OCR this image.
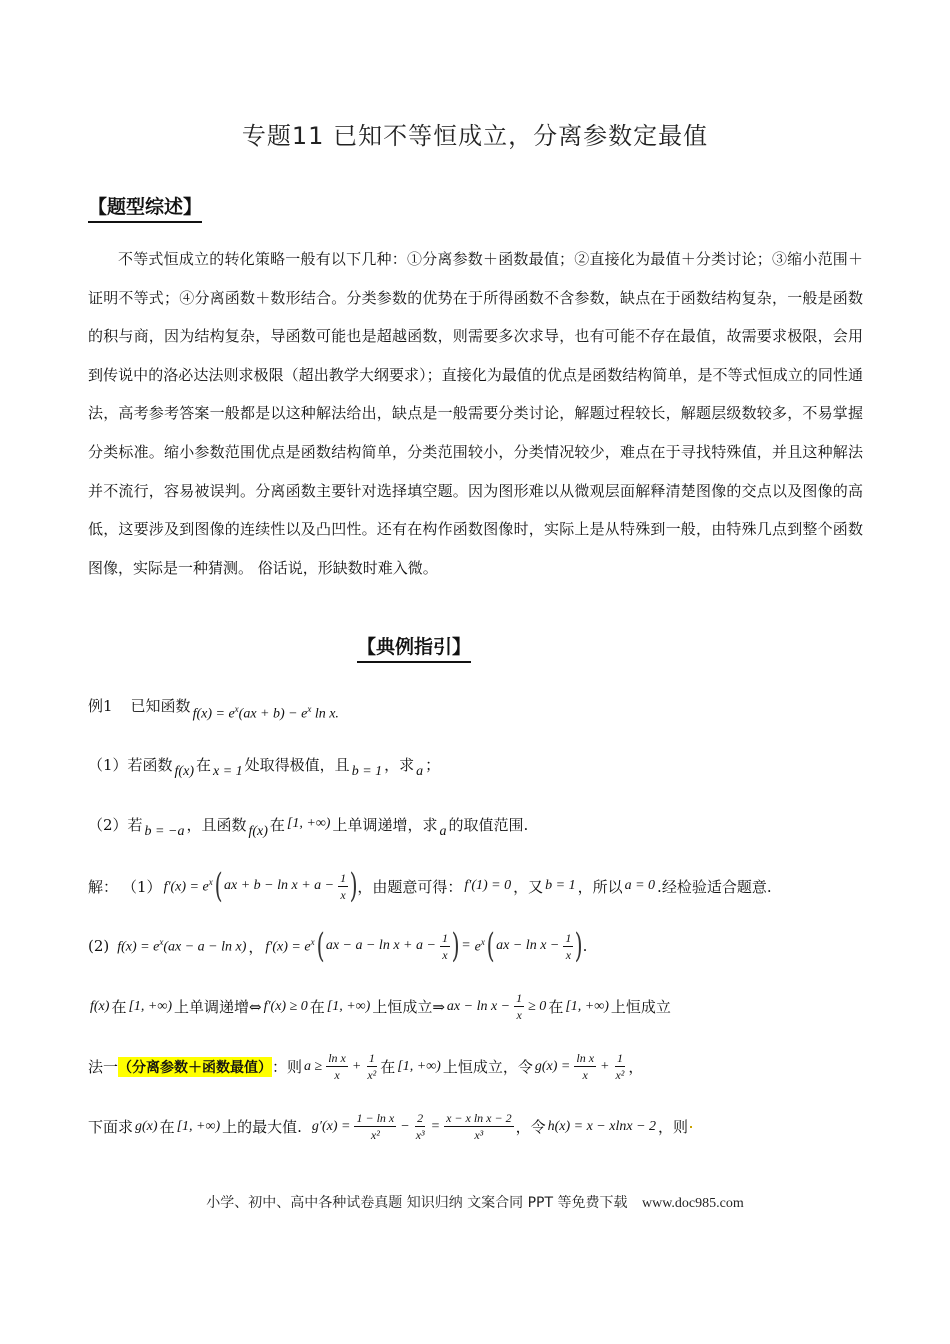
专题11 已知不等恒成立，分离参数定最值
【题型综述】

不等式恒成立的转化策略一般有以下几种：①分离参数＋函数最值；②直接化为最值＋分类讨论；③缩小范围＋证明不等式；④分离函数＋数形结合。分类参数的优势在于所得函数不含参数，缺点在于函数结构复杂，一般是函数的积与商，因为结构复杂，导函数可能也是超越函数，则需要多次求导，也有可能不存在最值，故需要求极限，会用到传说中的洛必达法则求极限（超出教学大纲要求）；直接化为最值的优点是函数结构简单，是不等式恒成立的同性通法，高考参考答案一般都是以这种解法给出，缺点是一般需要分类讨论，解题过程较长，解题层级数较多，不易掌握分类标准。缩小参数范围优点是函数结构简单，分类范围较小，分类情况较少，难点在于寻找特殊值，并且这种解法并不流行，容易被误判。分离函数主要针对选择填空题。因为图形难以从微观层面解释清楚图像的交点以及图像的高低，这要涉及到图像的连续性以及凸凹性。还有在构作函数图像时，实际上是从特殊到一般，由特殊几点到整个函数图像，实际是一种猜测。 俗话说，形缺数时难入微。

【典例指引】
例1 已知函数 $f(x) = e^x(ax + b) - e^x$ ln x.
（1）若函数 f(x) 在 x = 1 处取得极值，且 b = 1 ，求 a ；
（2）若 b = −a ，且函数 f(x) 在 [1, +∞) 上单调递增，求 a 的取值范围.
解： （1） $f'(x) = e^x$ ( ax + $b - \ln x + a - \frac{1}{x}$ ) ，由题意可得： f′(1) = 0 ，又 b = 1 ，所以 a = 0 .经检验适合题意.
(2) $f(x) = e^x(ax - a - \ln x)$ ， $f'(x) = e^x$ ( ax − $a - \ln x + a - \frac{1}{x}$ ) = $e^x$ ( ax − $\ln x - \frac{1}{x}$ ) .
f(x) 在 [1, +∞) 上单调递增⇔ f′(x) ≥ 0 在 [1, +∞) 上恒成立⇒ ax − $\ln x - \frac{1}{x} \ge 0$ 在 [1, +∞) 上恒成立
法一 （分离参数＋函数最值） ：则 $a \ge \frac{\text{ln x}}{x} + \frac{1}{\text{x²}}$ 在 [1, +∞) 上恒成立，令 $g(x) = \frac{\text{ln x}}{x} + \frac{1}{\text{x²}}$ ，
下面求 g(x) 在 [1, +∞) 上的最大值. $g'(x) = \frac{\text{1 − ln x}}{\text{x²}} - \frac{2}{\text{x³}} = \frac{\text{x − x ln x − 2}}{\text{x³}}$ ，令 h(x) = x − xlnx − 2 ，则
小学、初中、高中各种试卷真题 知识归纳 文案合同 PPT 等免费下载 www.doc985.com
